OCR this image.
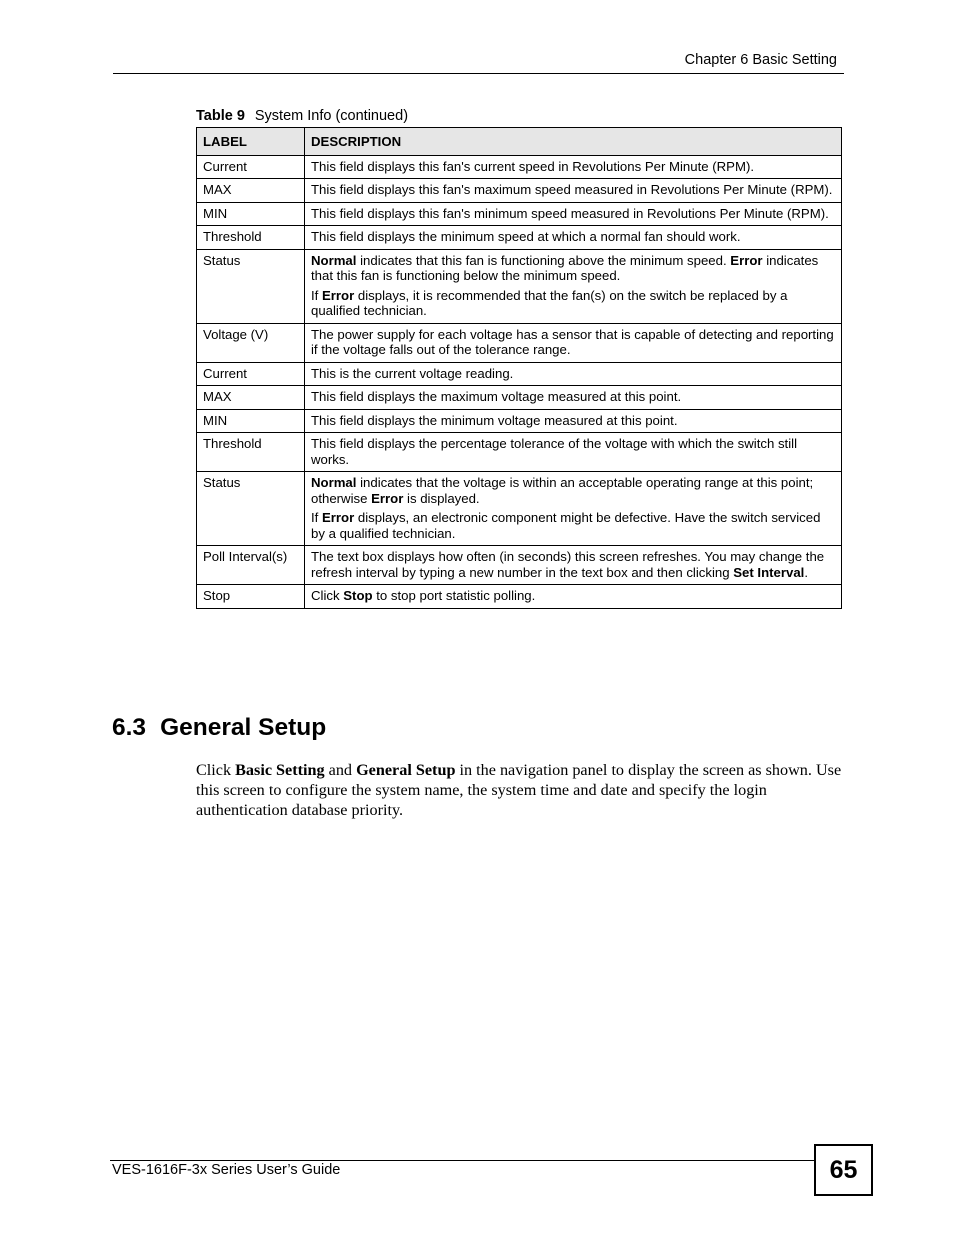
Chapter 6 Basic Setting
Table 9 System Info (continued)
LABEL	DESCRIPTION
Current	This field displays this fan's current speed in Revolutions Per Minute (RPM).
MAX	This field displays this fan's maximum speed measured in Revolutions Per Minute (RPM).
MIN	This field displays this fan's minimum speed measured in Revolutions Per Minute (RPM).
Threshold	This field displays the minimum speed at which a normal fan should work.
Status	Normal indicates that this fan is functioning above the minimum speed. Error indicates that this fan is functioning below the minimum speed.

If Error displays, it is recommended that the fan(s) on the switch be replaced by a qualified technician.

Voltage (V)	The power supply for each voltage has a sensor that is capable of detecting and reporting if the voltage falls out of the tolerance range.
Current	This is the current voltage reading.
MAX	This field displays the maximum voltage measured at this point.
MIN	This field displays the minimum voltage measured at this point.
Threshold	This field displays the percentage tolerance of the voltage with which the switch still works.
Status	Normal indicates that the voltage is within an acceptable operating range at this point; otherwise Error is displayed.

If Error displays, an electronic component might be defective. Have the switch serviced by a qualified technician.

Poll Interval(s)	The text box displays how often (in seconds) this screen refreshes. You may change the refresh interval by typing a new number in the text box and then clicking Set Interval.
Stop	Click Stop to stop port statistic polling.
6.3 General Setup
Click Basic Setting and General Setup in the navigation panel to display the screen as shown. Use this screen to configure the system name, the system time and date and specify the login authentication database priority.
VES-1616F-3x Series User’s Guide	65
